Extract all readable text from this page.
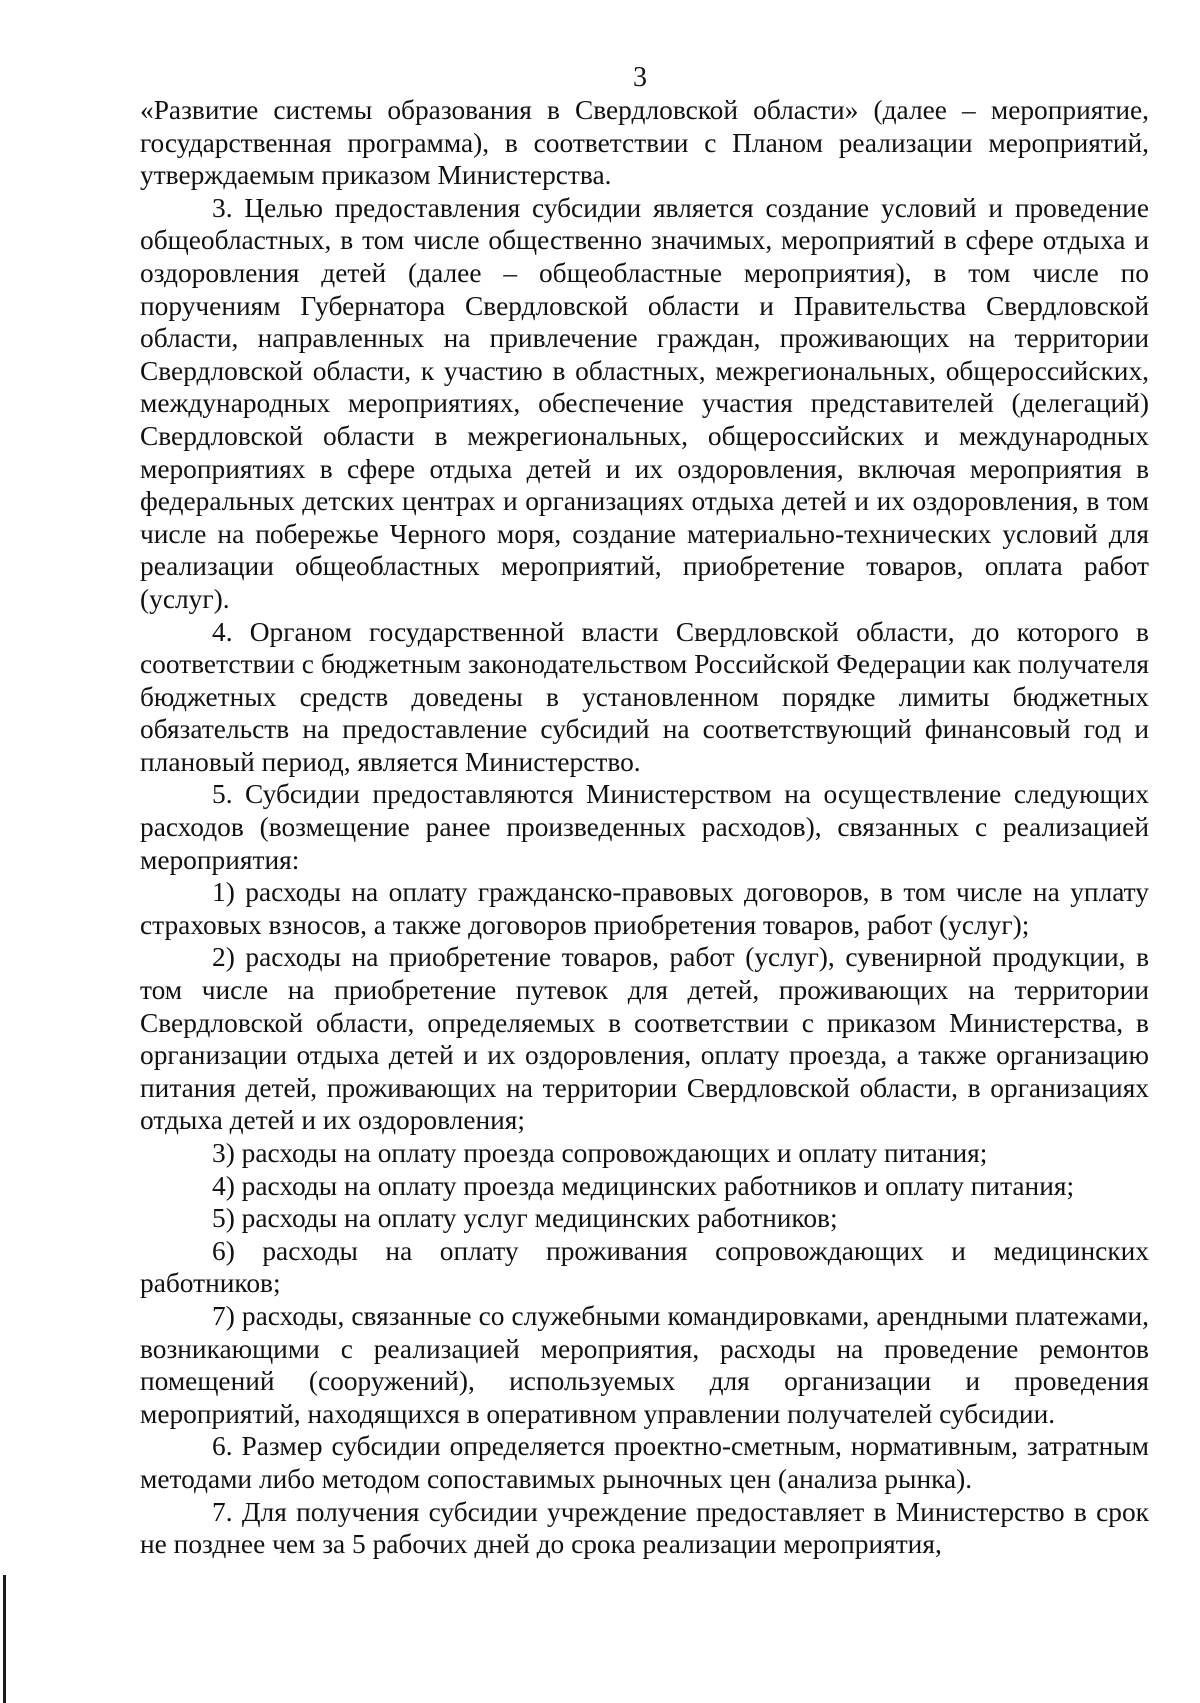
3

«Развитие системы образования в Свердловской области» (далее – мероприятие, государственная программа), в соответствии с Планом реализации мероприятий, утверждаемым приказом Министерства.

3. Целью предоставления субсидии является создание условий и проведение общеобластных, в том числе общественно значимых, мероприятий в сфере отдыха и оздоровления детей (далее – общеобластные мероприятия), в том числе по поручениям Губернатора Свердловской области и Правительства Свердловской области, направленных на привлечение граждан, проживающих на территории Свердловской области, к участию в областных, межрегиональных, общероссийских, международных мероприятиях, обеспечение участия представителей (делегаций) Свердловской области в межрегиональных, общероссийских и международных мероприятиях в сфере отдыха детей и их оздоровления, включая мероприятия в федеральных детских центрах и организациях отдыха детей и их оздоровления, в том числе на побережье Черного моря, создание материально-технических условий для реализации общеобластных мероприятий, приобретение товаров, оплата работ (услуг).

4. Органом государственной власти Свердловской области, до которого в соответствии с бюджетным законодательством Российской Федерации как получателя бюджетных средств доведены в установленном порядке лимиты бюджетных обязательств на предоставление субсидий на соответствующий финансовый год и плановый период, является Министерство.

5. Субсидии предоставляются Министерством на осуществление следующих расходов (возмещение ранее произведенных расходов), связанных с реализацией мероприятия:

1) расходы на оплату гражданско-правовых договоров, в том числе на уплату страховых взносов, а также договоров приобретения товаров, работ (услуг);

2) расходы на приобретение товаров, работ (услуг), сувенирной продукции, в том числе на приобретение путевок для детей, проживающих на территории Свердловской области, определяемых в соответствии с приказом Министерства, в организации отдыха детей и их оздоровления, оплату проезда, а также организацию питания детей, проживающих на территории Свердловской области, в организациях отдыха детей и их оздоровления;

3) расходы на оплату проезда сопровождающих и оплату питания;

4) расходы на оплату проезда медицинских работников и оплату питания;

5) расходы на оплату услуг медицинских работников;

6) расходы на оплату проживания сопровождающих и медицинских работников;

7) расходы, связанные со служебными командировками, арендными платежами, возникающими с реализацией мероприятия, расходы на проведение ремонтов помещений (сооружений), используемых для организации и проведения мероприятий, находящихся в оперативном управлении получателей субсидии.

6. Размер субсидии определяется проектно-сметным, нормативным, затратным методами либо методом сопоставимых рыночных цен (анализа рынка).

7. Для получения субсидии учреждение предоставляет в Министерство в срок не позднее чем за 5 рабочих дней до срока реализации мероприятия,
